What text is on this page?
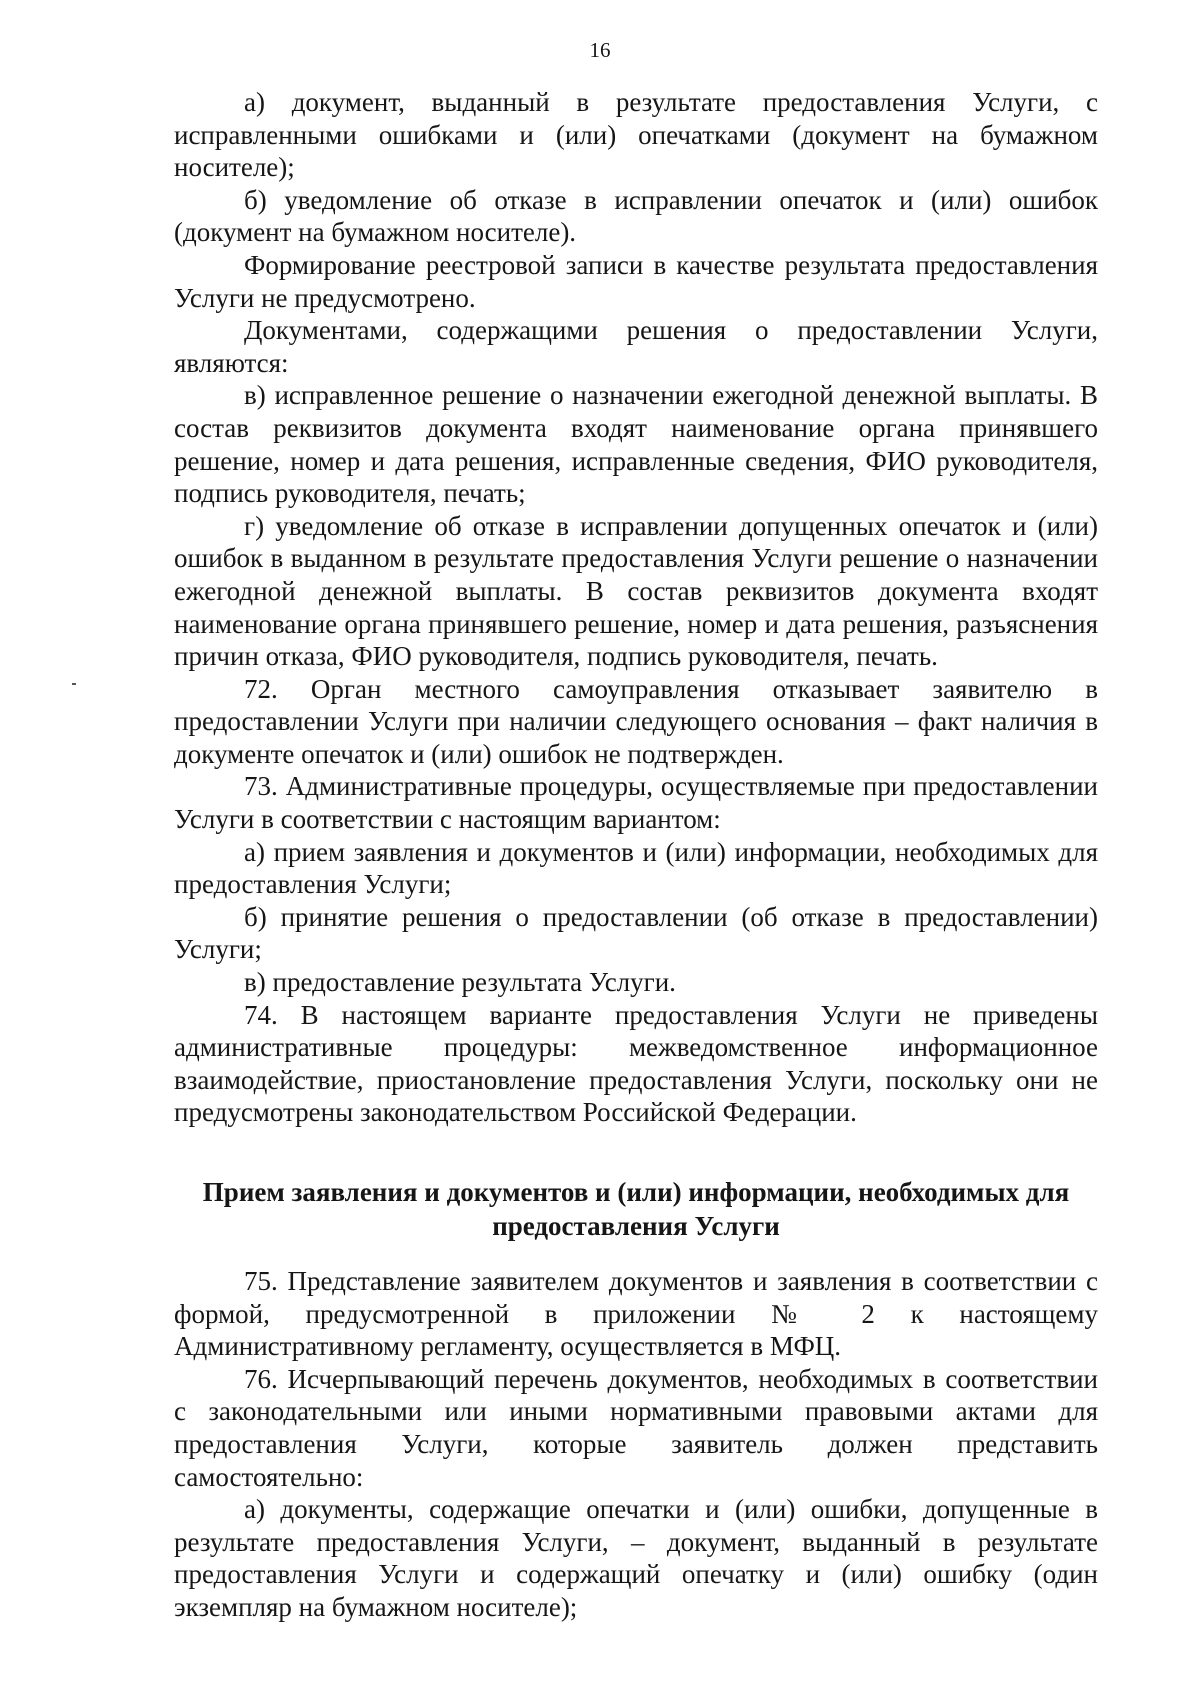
16

а) документ, выданный в результате предоставления Услуги, с исправленными ошибками и (или) опечатками (документ на бумажном носителе);

б) уведомление об отказе в исправлении опечаток и (или) ошибок (документ на бумажном носителе).

Формирование реестровой записи в качестве результата предоставления Услуги не предусмотрено.

Документами, содержащими решения о предоставлении Услуги, являются:

в) исправленное решение о назначении ежегодной денежной выплаты. В состав реквизитов документа входят наименование органа принявшего решение, номер и дата решения, исправленные сведения, ФИО руководителя, подпись руководителя, печать;

г) уведомление об отказе в исправлении допущенных опечаток и (или) ошибок в выданном в результате предоставления Услуги решение о назначении ежегодной денежной выплаты. В состав реквизитов документа входят наименование органа принявшего решение, номер и дата решения, разъяснения причин отказа, ФИО руководителя, подпись руководителя, печать.

72. Орган местного самоуправления отказывает заявителю в предоставлении Услуги при наличии следующего основания – факт наличия в документе опечаток и (или) ошибок не подтвержден.

73. Административные процедуры, осуществляемые при предоставлении Услуги в соответствии с настоящим вариантом:

а) прием заявления и документов и (или) информации, необходимых для предоставления Услуги;

б) принятие решения о предоставлении (об отказе в предоставлении) Услуги;

в) предоставление результата Услуги.

74. В настоящем варианте предоставления Услуги не приведены административные процедуры: межведомственное информационное взаимодействие, приостановление предоставления Услуги, поскольку они не предусмотрены законодательством Российской Федерации.

Прием заявления и документов и (или) информации, необходимых для предоставления Услуги

75. Представление заявителем документов и заявления в соответствии с формой, предусмотренной в приложении № 2 к настоящему Административному регламенту, осуществляется в МФЦ.

76. Исчерпывающий перечень документов, необходимых в соответствии с законодательными или иными нормативными правовыми актами для предоставления Услуги, которые заявитель должен представить самостоятельно:

а) документы, содержащие опечатки и (или) ошибки, допущенные в результате предоставления Услуги, – документ, выданный в результате предоставления Услуги и содержащий опечатку и (или) ошибку (один экземпляр на бумажном носителе);
